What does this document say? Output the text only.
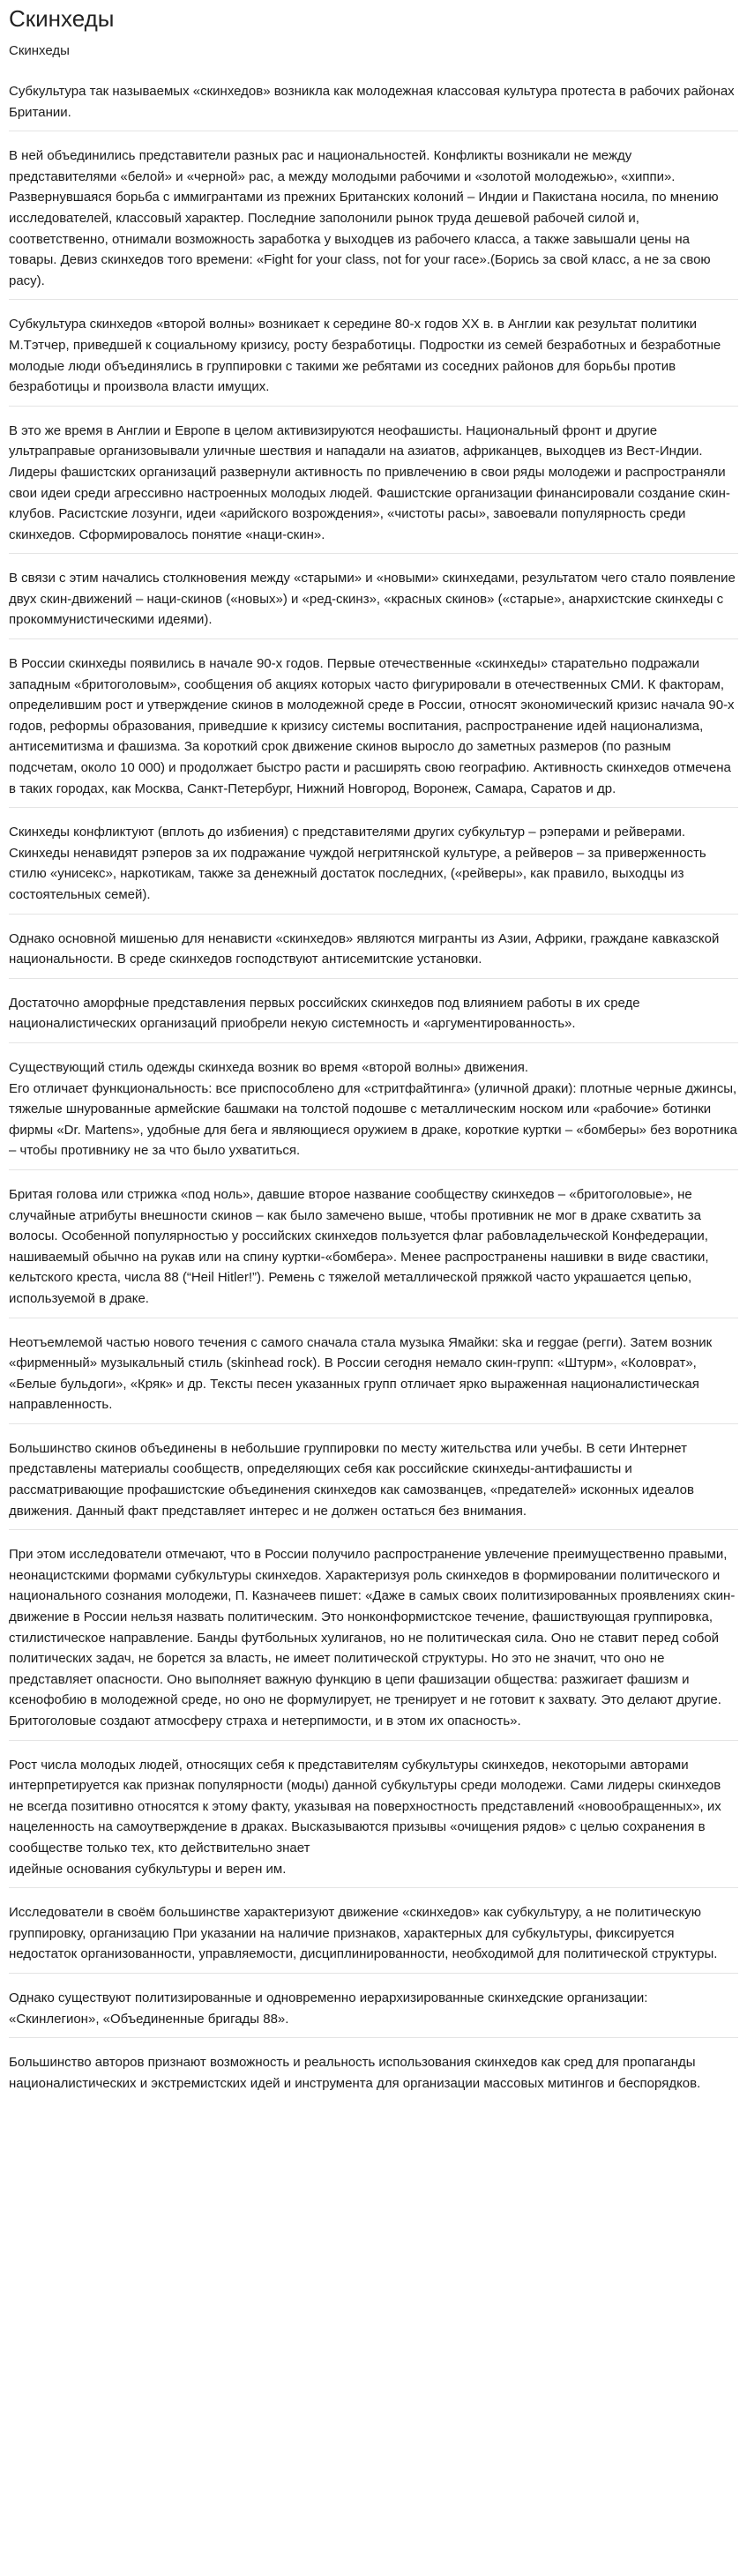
Скинхеды
Скинхеды

Субкультура так называемых «скинхедов» возникла как молодежная классовая культура протеста в рабочих районах Британии.

В ней объединились представители разных рас и национальностей. Конфликты возникали не между представителями «белой» и «черной» рас, а между молодыми рабочими и «золотой молодежью», «хиппи». Развернувшаяся борьба с иммигрантами из прежних Британских колоний – Индии и Пакистана носила, по мнению исследователей, классовый характер. Последние заполонили рынок труда дешевой рабочей силой и, соответственно, отнимали возможность заработка у выходцев из рабочего класса, а также завышали цены на товары. Девиз скинхедов того времени: «Fight for your class, not for your race».(Борись за свой класс, а не за свою расу).

Субкультура скинхедов «второй волны» возникает к середине 80-х годов XX в. в Англии как результат политики М.Тэтчер, приведшей к социальному кризису, росту безработицы. Подростки из семей безработных и безработные молодые люди объединялись в группировки с такими же ребятами из соседних районов для борьбы против безработицы и произвола власти имущих.

В это же время в Англии и Европе в целом активизируются неофашисты. Национальный фронт и другие ультраправые организовывали уличные шествия и нападали на азиатов, африканцев, выходцев из Вест-Индии. Лидеры фашистских организаций развернули активность по привлечению в свои ряды молодежи и распространяли свои идеи среди агрессивно настроенных молодых людей. Фашистские организации финансировали создание скин-клубов. Расистские лозунги, идеи «арийского возрождения», «чистоты расы», завоевали популярность среди скинхедов. Сформировалось понятие «наци-скин».

В связи с этим начались столкновения между «старыми» и «новыми» скинхедами, результатом чего стало появление двух скин-движений – наци-скинов («новых») и «ред-скинз», «красных скинов» («старые», анархистские скинхеды с прокоммунистическими идеями).

В России скинхеды появились в начале 90-х годов. Первые отечественные «скинхеды» старательно подражали западным «бритоголовым», сообщения об акциях которых часто фигурировали в отечественных СМИ. К факторам, определившим рост и утверждение скинов в молодежной среде в России, относят экономический кризис начала 90-х годов, реформы образования, приведшие к кризису системы воспитания, распространение идей национализма, антисемитизма и фашизма. За короткий срок движение скинов выросло до заметных размеров (по разным подсчетам, около 10 000) и продолжает быстро расти и расширять свою географию. Активность скинхедов отмечена в таких городах, как Москва, Санкт-Петербург, Нижний Новгород, Воронеж, Самара, Саратов и др.

Скинхеды конфликтуют (вплоть до избиения) с представителями других субкультур – рэперами и рейверами. Скинхеды ненавидят рэперов за их подражание чуждой негритянской культуре, а рейверов – за приверженность стилю «унисекс», наркотикам, также за денежный достаток последних, («рейверы», как правило, выходцы из состоятельных семей).

Однако основной мишенью для ненависти «скинхедов» являются мигранты из Азии, Африки, граждане кавказской национальности. В среде скинхедов господствуют антисемитские установки.

Достаточно аморфные представления первых российских скинхедов под влиянием работы в их среде националистических организаций приобрели некую системность и «аргументированность».

Существующий стиль одежды скинхеда возник во время «второй волны» движения.
Его отличает функциональность: все приспособлено для «стритфайтинга» (уличной драки): плотные черные джинсы, тяжелые шнурованные армейские башмаки на толстой подошве с металлическим носком или «рабочие» ботинки фирмы «Dr. Martens», удобные для бега и являющиеся оружием в драке, короткие куртки – «бомберы» без воротника – чтобы противнику не за что было ухватиться.

Бритая голова или стрижка «под ноль», давшие второе название сообществу скинхедов – «бритоголовые», не случайные атрибуты внешности скинов – как было замечено выше, чтобы противник не мог в драке схватить за волосы. Особенной популярностью у российских скинхедов пользуется флаг рабовладельческой Конфедерации, нашиваемый обычно на рукав или на спину куртки-«бомбера». Менее распространены нашивки в виде свастики, кельтского креста, числа 88 (“Heil Hitler!”). Ремень с тяжелой металлической пряжкой часто украшается цепью, используемой в драке.

Неотъемлемой частью нового течения с самого сначала стала музыка Ямайки: ska и reggae (регги). Затем возник «фирменный» музыкальный стиль (skinhead rock). В России сегодня немало скин-групп: «Штурм», «Коловрат», «Белые бульдоги», «Кряк» и др. Тексты песен указанных групп отличает ярко выраженная националистическая направленность.

Большинство скинов объединены в небольшие группировки по месту жительства или учебы. В сети Интернет представлены материалы сообществ, определяющих себя как российские скинхеды-антифашисты и рассматривающие профашистские объединения скинхедов как самозванцев, «предателей» исконных идеалов движения. Данный факт представляет интерес и не должен остаться без внимания.

При этом исследователи отмечают, что в России получило распространение увлечение преимущественно правыми, неонацистскими формами субкультуры скинхедов. Характеризуя роль скинхедов в формировании политического и национального сознания молодежи, П. Казначеев пишет: «Даже в самых своих политизированных проявлениях скин-движение в России нельзя назвать политическим. Это нонконформистское течение, фашиствующая группировка, стилистическое направление. Банды футбольных хулиганов, но не политическая сила. Оно не ставит перед собой политических задач, не борется за власть, не имеет политической структуры. Но это не значит, что оно не представляет опасности. Оно выполняет важную функцию в цепи фашизации общества: разжигает фашизм и ксенофобию в молодежной среде, но оно не формулирует, не тренирует и не готовит к захвату. Это делают другие. Бритоголовые создают атмосферу страха и нетерпимости, и в этом их опасность».

Рост числа молодых людей, относящих себя к представителям субкультуры скинхедов, некоторыми авторами интерпретируется как признак популярности (моды) данной субкультуры среди молодежи. Сами лидеры скинхедов не всегда позитивно относятся к этому факту, указывая на поверхностность представлений «новообращенных», их нацеленность на самоутверждение в драках. Высказываются призывы «очищения рядов» с целью сохранения в сообществе только тех, кто действительно знает
идейные основания субкультуры и верен им.

Исследователи в своём большинстве характеризуют движение «скинхедов» как субкультуру, а не политическую группировку, организацию При указании на наличие признаков, характерных для субкультуры, фиксируется недостаток организованности, управляемости, дисциплинированности, необходимой для политической структуры.

Однако существуют политизированные и одновременно иерархизированные скинхедские организации: «Скинлегион», «Объединенные бригады 88».

Большинство авторов признают возможность и реальность использования скинхедов как сред для пропаганды националистических и экстремистских идей и инструмента для организации массовых митингов и беспорядков.
